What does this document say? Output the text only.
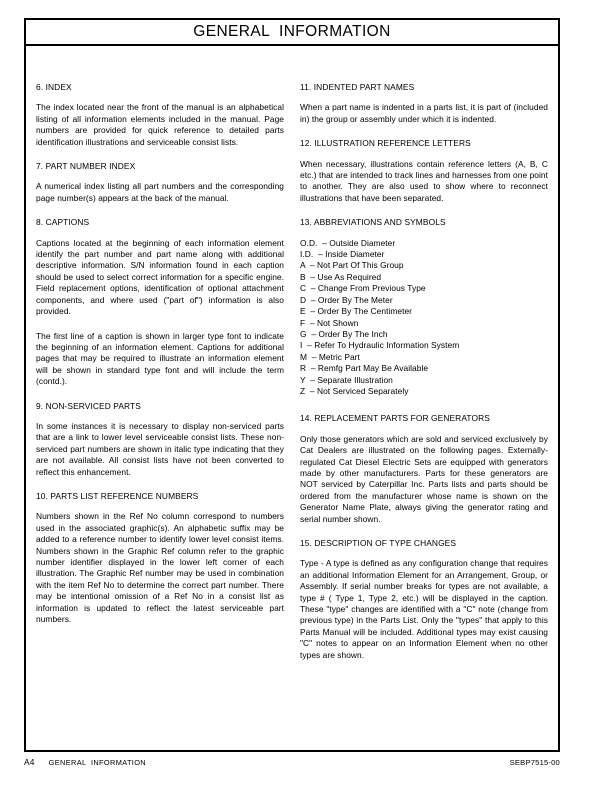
GENERAL  INFORMATION
6. INDEX

The index located near the front of the manual is an alphabetical listing of all information elements included in the manual. Page numbers are provided for quick reference to detailed parts identification illustrations and serviceable consist lists.

7. PART NUMBER INDEX

A numerical index listing all part numbers and the corresponding page number(s) appears at the back of the manual.

8. CAPTIONS

Captions located at the beginning of each information element identify the part number and part name along with additional descriptive information. S/N information found in each caption should be used to select correct information for a specific engine. Field replacement options, identification of optional attachment components, and where used ("part of") information is also provided.

The first line of a caption is shown in larger type font to indicate the beginning of an information element. Captions for additional pages that may be required to illustrate an information element will be shown in standard type font and will include the term (contd.).

9. NON-SERVICED PARTS

In some instances it is necessary to display non-serviced parts that are a link to lower level serviceable consist lists. These non-serviced part numbers are shown in italic type indicating that they are not available. All consist lists have not been converted to reflect this enhancement.

10. PARTS LIST REFERENCE NUMBERS

Numbers shown in the Ref No column correspond to numbers used in the associated graphic(s). An alphabetic suffix may be added to a reference number to identify lower level consist items. Numbers shown in the Graphic Ref column refer to the graphic number identifier displayed in the lower left corner of each illustration. The Graphic Ref number may be used in combination with the item Ref No to determine the correct part number. There may be intentional omission of a Ref No in a consist list as information is updated to reflect the latest serviceable part numbers.

11. INDENTED PART NAMES

When a part name is indented in a parts list, it is part of (included in) the group or assembly under which it is indented.

12. ILLUSTRATION REFERENCE LETTERS

When necessary, illustrations contain reference letters (A, B, C etc.) that are intended to track lines and harnesses from one point to another. They are also used to show where to reconnect illustrations that have been separated.

13. ABBREVIATIONS AND SYMBOLS
O.D.  – Outside Diameter
I.D.  – Inside Diameter
A  – Not Part Of This Group
B  – Use As Required
C  – Change From Previous Type
D  – Order By The Meter
E  – Order By The Centimeter
F  – Not Shown
G  – Order By The Inch
I  – Refer To Hydraulic Information System
M  – Metric Part
R  – Remfg Part May Be Available
Y  – Separate Illustration
Z  – Not Serviced Separately
14. REPLACEMENT PARTS FOR GENERATORS

Only those generators which are sold and serviced exclusively by Cat Dealers are illustrated on the following pages. Externally-regulated Cat Diesel Electric Sets are equipped with generators made by other manufacturers. Parts for these generators are NOT serviced by Caterpillar Inc. Parts lists and parts should be ordered from the manufacturer whose name is shown on the Generator Name Plate, always giving the generator rating and serial number shown.

15. DESCRIPTION OF TYPE CHANGES

Type - A type is defined as any configuration change that requires an additional Information Element for an Arrangement, Group, or Assembly. If serial number breaks for types are not available, a type # ( Type 1, Type 2, etc.) will be displayed in the caption. These "type" changes are identified with a "C" note (change from previous type) in the Parts List. Only the "types" that apply to this Parts Manual will be included. Additional types may exist causing "C" notes to appear on an Information Element when no other types are shown.

A4 GENERAL  INFORMATION	SEBP7515-00
